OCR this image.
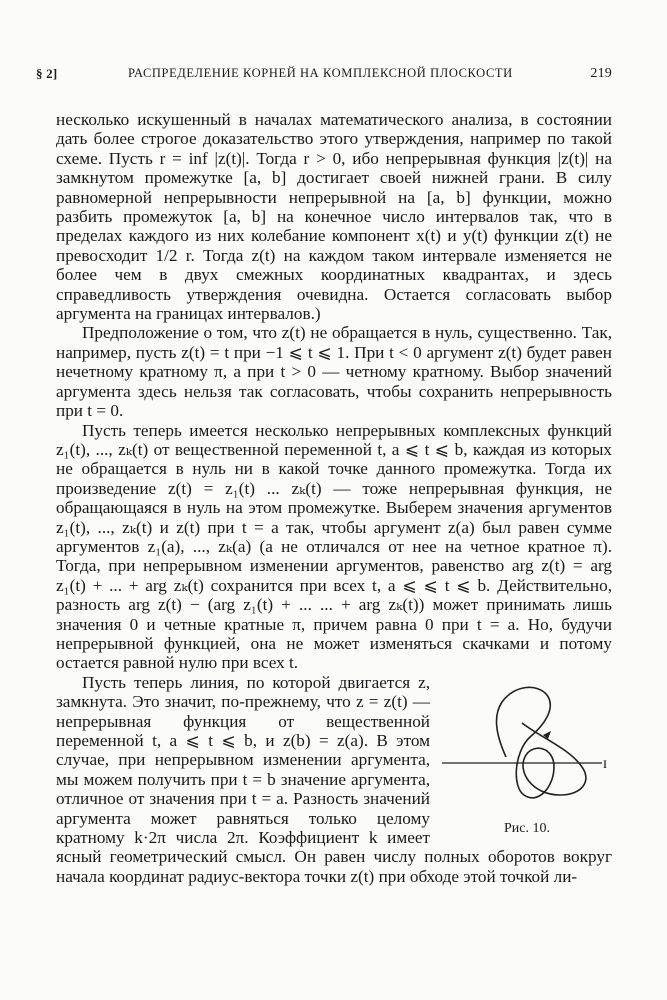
§ 2]	РАСПРЕДЕЛЕНИЕ КОРНЕЙ НА КОМПЛЕКСНОЙ ПЛОСКОСТИ	219

несколько искушенный в началах математического анализа, в состоянии дать более строгое доказательство этого утверждения, например по такой схеме. Пусть r = inf |z(t)|. Тогда r > 0, ибо непрерывная функция |z(t)| на замкнутом промежутке [a, b] достигает своей нижней грани. В силу равномерной непрерывности непрерывной на [a, b] функции, можно разбить промежуток [a, b] на конечное число интервалов так, что в пределах каждого из них колебание компонент x(t) и y(t) функции z(t) не превосходит 1/2 r. Тогда z(t) на каждом таком интервале изменяется не более чем в двух смежных координатных квадрантах, и здесь справедливость утверждения очевидна. Остается согласовать выбор аргумента на границах интервалов.)

Предположение о том, что z(t) не обращается в нуль, существенно. Так, например, пусть z(t) = t при −1 ⩽ t ⩽ 1. При t < 0 аргумент z(t) будет равен нечетному кратному π, а при t > 0 — четному кратному. Выбор значений аргумента здесь нельзя так согласовать, чтобы сохранить непрерывность при t = 0.

Пусть теперь имеется несколько непрерывных комплексных функций z₁(t), ..., zₖ(t) от вещественной переменной t, a ⩽ t ⩽ b, каждая из которых не обращается в нуль ни в какой точке данного промежутка. Тогда их произведение z(t) = z₁(t) ... zₖ(t) — тоже непрерывная функция, не обращающаяся в нуль на этом промежутке. Выберем значения аргументов z₁(t), ..., zₖ(t) и z(t) при t = a так, чтобы аргумент z(a) был равен сумме аргументов z₁(a), ..., zₖ(a) (а не отличался от нее на четное кратное π). Тогда, при непрерывном изменении аргументов, равенство arg z(t) = arg z₁(t) + ... + arg zₖ(t) сохранится при всех t, a ⩽ ⩽ t ⩽ b. Действительно, разность arg z(t) − (arg z₁(t) + ... ... + arg zₖ(t)) может принимать лишь значения 0 и четные кратные π, причем равна 0 при t = a. Но, будучи непрерывной функцией, она не может изменяться скачками и потому остается равной нулю при всех t.

I
Рис. 10.

Пусть теперь линия, по которой двигается z, замкнута. Это значит, по-прежнему, что z = z(t) — непрерывная функция от вещественной переменной t, a ⩽ t ⩽ b, и z(b) = z(a). В этом случае, при непрерывном изменении аргумента, мы можем получить при t = b значение аргумента, отличное от значения при t = a. Разность значений аргумента может равняться только целому кратному k·2π числа 2π. Коэффициент k имеет ясный геометрический смысл. Он равен числу полных оборотов вокруг начала координат радиус-вектора точки z(t) при обходе этой точкой ли-
